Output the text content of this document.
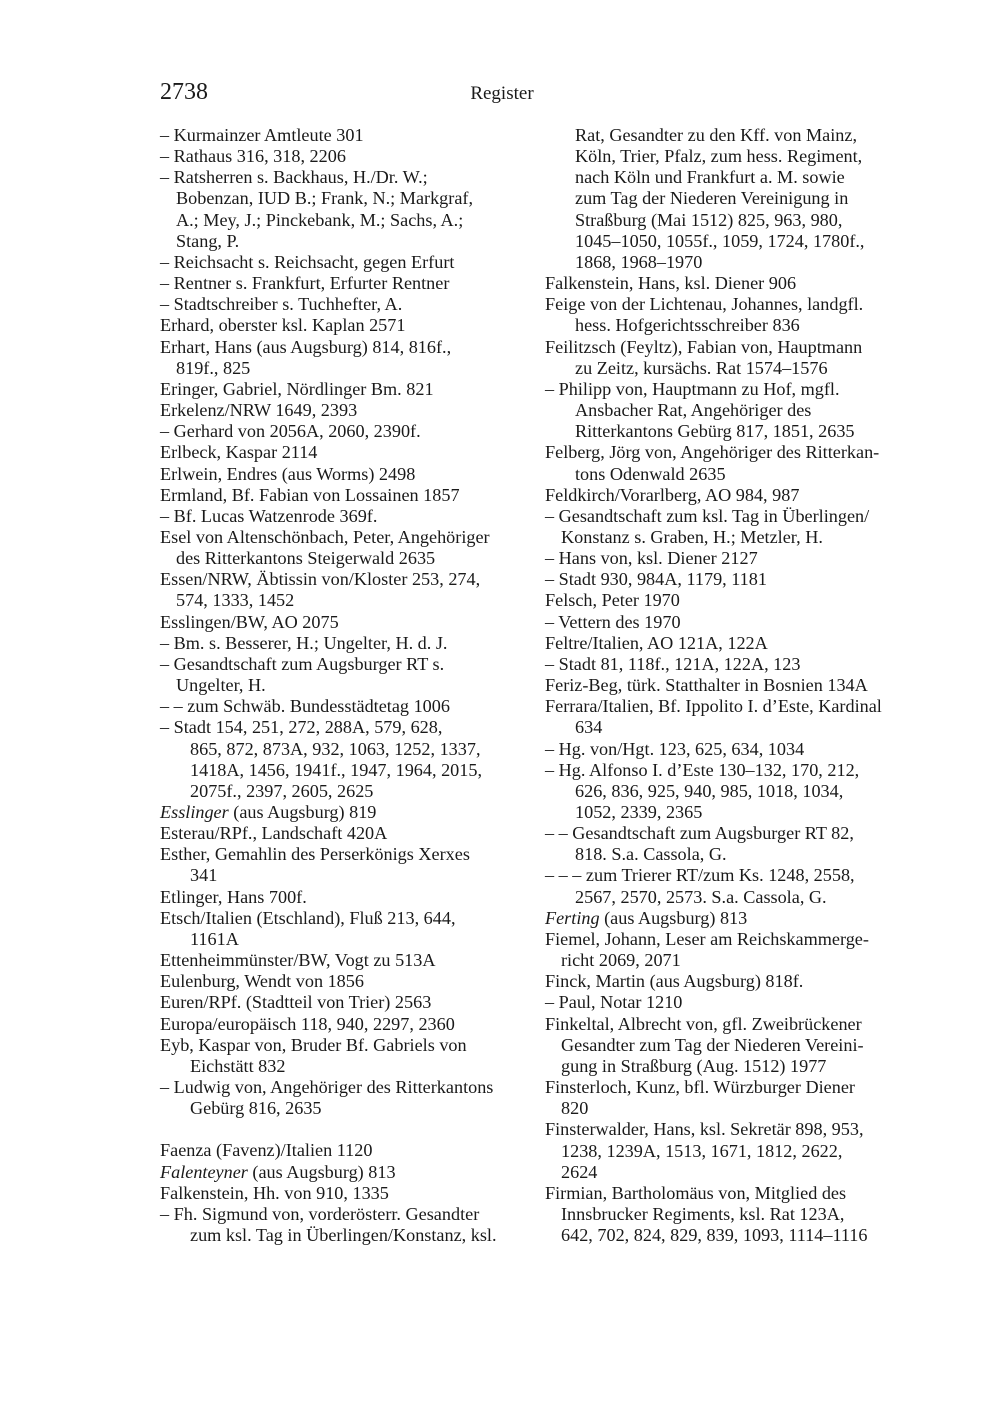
2738	Register
– Kurmainzer Amtleute 301
– Rathaus 316, 318, 2206
– Ratsherren s. Backhaus, H./Dr. W.;
Bobenzan, IUD B.; Frank, N.; Markgraf,
A.; Mey, J.; Pinckebank, M.; Sachs, A.;
Stang, P.
– Reichsacht s. Reichsacht, gegen Erfurt
– Rentner s. Frankfurt, Erfurter Rentner
– Stadtschreiber s. Tuchhefter, A.
Erhard, oberster ksl. Kaplan 2571
Erhart, Hans (aus Augsburg) 814, 816f.,
819f., 825
Eringer, Gabriel, Nördlinger Bm. 821
Erkelenz/NRW 1649, 2393
– Gerhard von 2056A, 2060, 2390f.
Erlbeck, Kaspar 2114
Erlwein, Endres (aus Worms) 2498
Ermland, Bf. Fabian von Lossainen 1857
– Bf. Lucas Watzenrode 369f.
Esel von Altenschönbach, Peter, Angehöriger
des Ritterkantons Steigerwald 2635
Essen/NRW, Äbtissin von/Kloster 253, 274,
574, 1333, 1452
Esslingen/BW, AO 2075
– Bm. s. Besserer, H.; Ungelter, H. d. J.
– Gesandtschaft zum Augsburger RT s.
Ungelter, H.
– – zum Schwäb. Bundesstädtetag 1006
– Stadt 154, 251, 272, 288A, 579, 628,
865, 872, 873A, 932, 1063, 1252, 1337,
1418A, 1456, 1941f., 1947, 1964, 2015,
2075f., 2397, 2605, 2625
Esslinger (aus Augsburg) 819
Esterau/RPf., Landschaft 420A
Esther, Gemahlin des Perserkönigs Xerxes
341
Etlinger, Hans 700f.
Etsch/Italien (Etschland), Fluß 213, 644,
1161A
Ettenheimmünster/BW, Vogt zu 513A
Eulenburg, Wendt von 1856
Euren/RPf. (Stadtteil von Trier) 2563
Europa/europäisch 118, 940, 2297, 2360
Eyb, Kaspar von, Bruder Bf. Gabriels von
Eichstätt 832
– Ludwig von, Angehöriger des Ritterkantons
Gebürg 816, 2635
Faenza (Favenz)/Italien 1120
Falenteyner (aus Augsburg) 813
Falkenstein, Hh. von 910, 1335
– Fh. Sigmund von, vorderösterr. Gesandter
zum ksl. Tag in Überlingen/Konstanz, ksl.
Rat, Gesandter zu den Kff. von Mainz,
Köln, Trier, Pfalz, zum hess. Regiment,
nach Köln und Frankfurt a. M. sowie
zum Tag der Niederen Vereinigung in
Straßburg (Mai 1512) 825, 963, 980,
1045–1050, 1055f., 1059, 1724, 1780f.,
1868, 1968–1970
Falkenstein, Hans, ksl. Diener 906
Feige von der Lichtenau, Johannes, landgfl.
hess. Hofgerichtsschreiber 836
Feilitzsch (Feyltz), Fabian von, Hauptmann
zu Zeitz, kursächs. Rat 1574–1576
– Philipp von, Hauptmann zu Hof, mgfl.
Ansbacher Rat, Angehöriger des
Ritterkantons Gebürg 817, 1851, 2635
Felberg, Jörg von, Angehöriger des Ritterkan-
tons Odenwald 2635
Feldkirch/Vorarlberg, AO 984, 987
– Gesandtschaft zum ksl. Tag in Überlingen/
Konstanz s. Graben, H.; Metzler, H.
– Hans von, ksl. Diener 2127
– Stadt 930, 984A, 1179, 1181
Felsch, Peter 1970
– Vettern des 1970
Feltre/Italien, AO 121A, 122A
– Stadt 81, 118f., 121A, 122A, 123
Feriz-Beg, türk. Statthalter in Bosnien 134A
Ferrara/Italien, Bf. Ippolito I. d’Este, Kardinal
634
– Hg. von/Hgt. 123, 625, 634, 1034
– Hg. Alfonso I. d’Este 130–132, 170, 212,
626, 836, 925, 940, 985, 1018, 1034,
1052, 2339, 2365
– – Gesandtschaft zum Augsburger RT 82,
818. S.a. Cassola, G.
– – – zum Trierer RT/zum Ks. 1248, 2558,
2567, 2570, 2573. S.a. Cassola, G.
Ferting (aus Augsburg) 813
Fiemel, Johann, Leser am Reichskammerge-
richt 2069, 2071
Finck, Martin (aus Augsburg) 818f.
– Paul, Notar 1210
Finkeltal, Albrecht von, gfl. Zweibrückener
Gesandter zum Tag der Niederen Vereini-
gung in Straßburg (Aug. 1512) 1977
Finsterloch, Kunz, bfl. Würzburger Diener
820
Finsterwalder, Hans, ksl. Sekretär 898, 953,
1238, 1239A, 1513, 1671, 1812, 2622,
2624
Firmian, Bartholomäus von, Mitglied des
Innsbrucker Regiments, ksl. Rat 123A,
642, 702, 824, 829, 839, 1093, 1114–1116
